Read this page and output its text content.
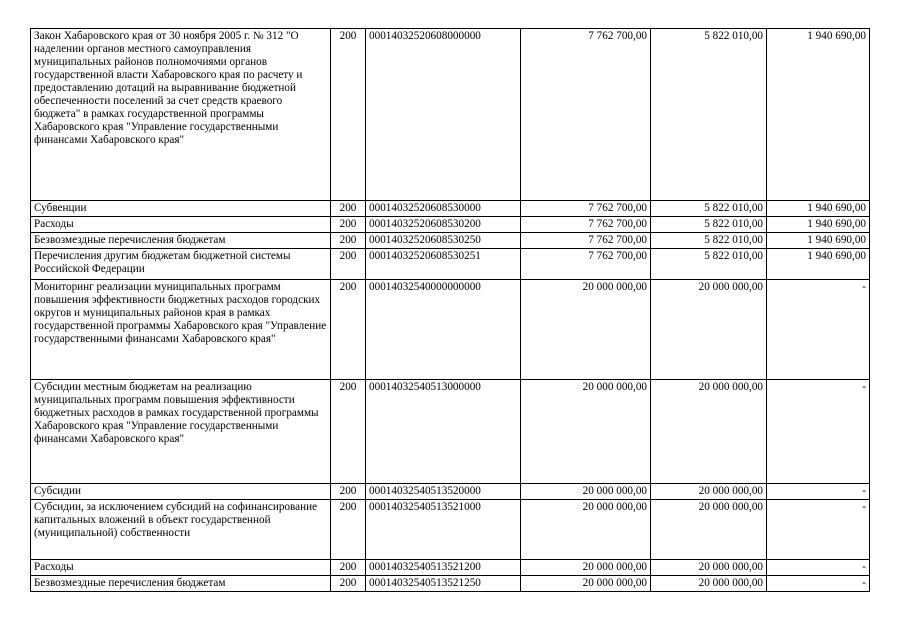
Закон Хабаровского края от 30 ноября 2005 г. № 312 "О наделении органов местного самоуправления муниципальных районов полномочиями органов государственной власти Хабаровского края по расчету и предоставлению дотаций на выравнивание бюджетной обеспеченности поселений за счет средств краевого бюджета" в рамках государственной программы Хабаровского края "Управление государственными финансами Хабаровского края"	200	00014032520608000000	7 762 700,00	5 822 010,00	1 940 690,00
Субвенции	200	00014032520608530000	7 762 700,00	5 822 010,00	1 940 690,00
Расходы	200	00014032520608530200	7 762 700,00	5 822 010,00	1 940 690,00
Безвозмездные перечисления бюджетам	200	00014032520608530250	7 762 700,00	5 822 010,00	1 940 690,00
Перечисления другим бюджетам бюджетной системы Российской Федерации	200	00014032520608530251	7 762 700,00	5 822 010,00	1 940 690,00
Мониторинг реализации муниципальных программ повышения эффективности бюджетных расходов городских округов и муниципальных районов края в рамках государственной программы Хабаровского края "Управление государственными финансами Хабаровского края"	200	00014032540000000000	20 000 000,00	20 000 000,00	-
Субсидии местным бюджетам на реализацию муниципальных программ повышения эффективности бюджетных расходов в рамках государственной программы Хабаровского края "Управление государственными финансами Хабаровского края"	200	00014032540513000000	20 000 000,00	20 000 000,00	-
Субсидии	200	00014032540513520000	20 000 000,00	20 000 000,00	-
Субсидии, за исключением субсидий на софинансирование капитальных вложений в объект государственной (муниципальной) собственности	200	00014032540513521000	20 000 000,00	20 000 000,00	-
Расходы	200	00014032540513521200	20 000 000,00	20 000 000,00	-
Безвозмездные перечисления бюджетам	200	00014032540513521250	20 000 000,00	20 000 000,00	-
